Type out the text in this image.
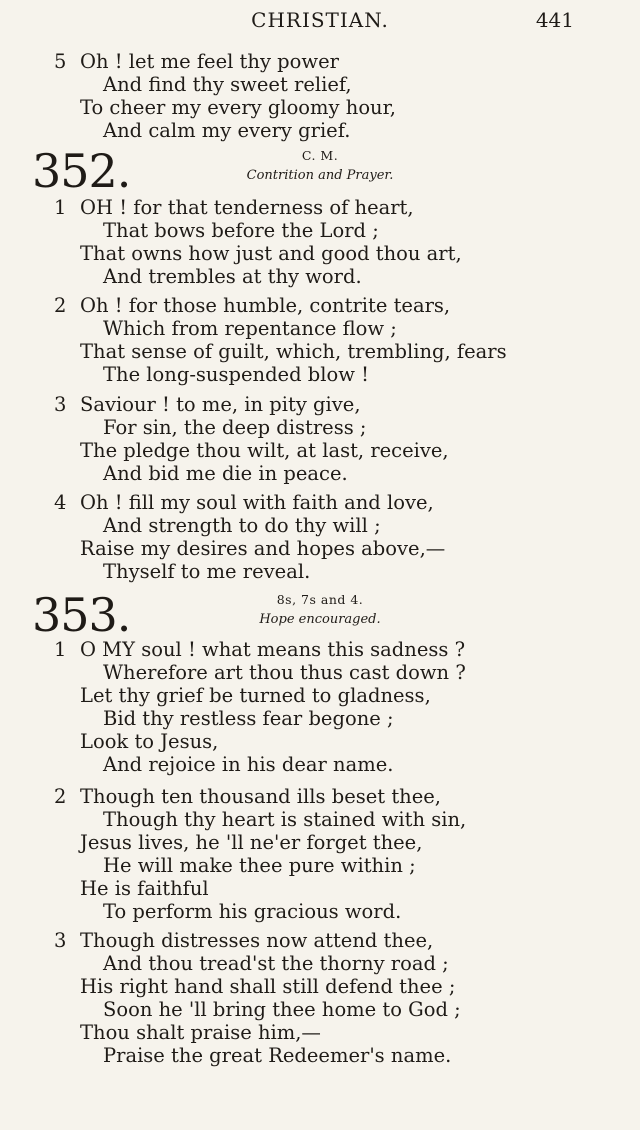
CHRISTIAN.	441
5 Oh ! let me feel thy power
And find thy sweet relief,
To cheer my every gloomy hour,
And calm my every grief.
352.	C. M.
Contrition and Prayer.
1 OH ! for that tenderness of heart,
That bows before the Lord ;
That owns how just and good thou art,
And trembles at thy word.
2 Oh ! for those humble, contrite tears,
Which from repentance flow ;
That sense of guilt, which, trembling, fears
The long-suspended blow !
3 Saviour ! to me, in pity give,
For sin, the deep distress ;
The pledge thou wilt, at last, receive,
And bid me die in peace.
4 Oh ! fill my soul with faith and love,
And strength to do thy will ;
Raise my desires and hopes above,—
Thyself to me reveal.
353.	8s, 7s and 4.
Hope encouraged.
1 O MY soul ! what means this sadness ?
Wherefore art thou thus cast down ?
Let thy grief be turned to gladness,
Bid thy restless fear begone ;
Look to Jesus,
And rejoice in his dear name.
2 Though ten thousand ills beset thee,
Though thy heart is stained with sin,
Jesus lives, he 'll ne'er forget thee,
He will make thee pure within ;
He is faithful
To perform his gracious word.
3 Though distresses now attend thee,
And thou tread'st the thorny road ;
His right hand shall still defend thee ;
Soon he 'll bring thee home to God ;
Thou shalt praise him,—
Praise the great Redeemer's name.
